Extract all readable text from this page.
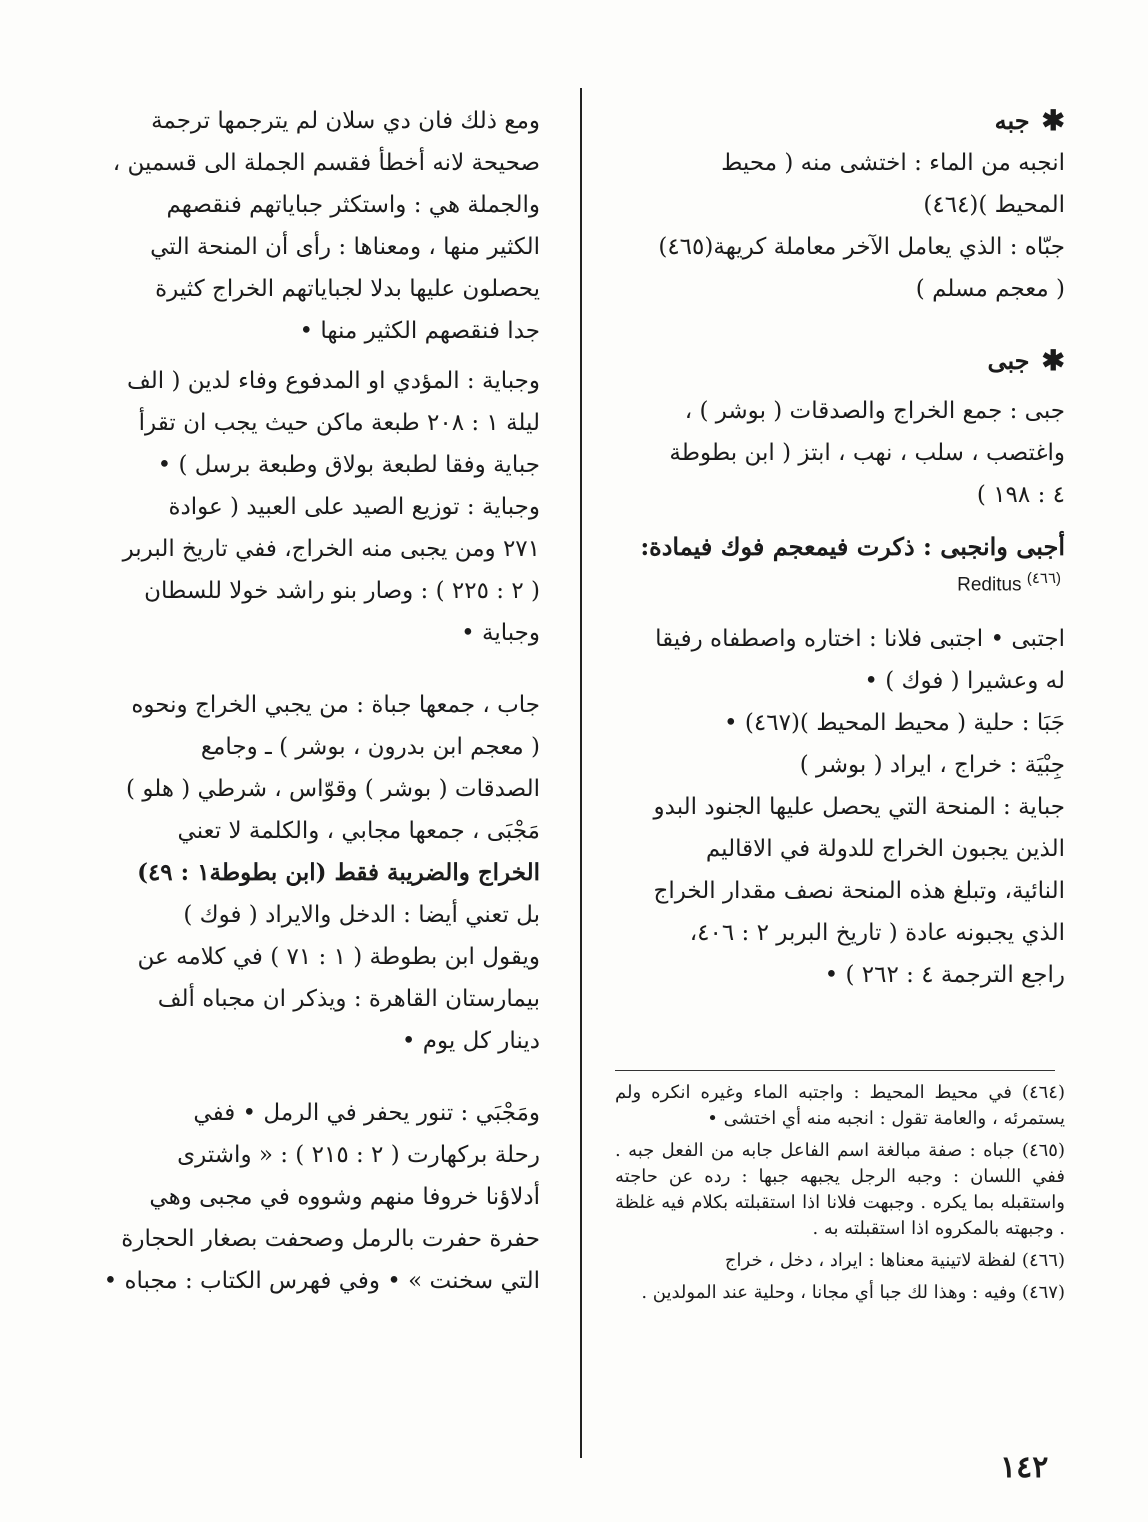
✱
جبه

انجبه من الماء : اختشى منه ( محيط

المحيط )(٤٦٤)

جبّاه : الذي يعامل الآخر معاملة كريهة(٤٦٥)

( معجم مسلم )

✱
جبى

جبى : جمع الخراج والصدقات ( بوشر ) ،

واغتصب ، سلب ، نهب ، ابتز ( ابن بطوطة

٤ : ١٩٨ )

أجبى وانجبى : ذكرت فيمعجم فوك فيمادة:
Reditus $^{(٤٦٦)}$

اجتبى • اجتبى فلانا : اختاره واصطفاه رفيقا

له وعشيرا ( فوك ) •

جَبَا : حلية ( محيط المحيط )(٤٦٧) •

جِبْيَة : خراج ، ايراد ( بوشر )

جباية : المنحة التي يحصل عليها الجنود البدو

الذين يجبون الخراج للدولة في الاقاليم

النائية، وتبلغ هذه المنحة نصف مقدار الخراج

الذي يجبونه عادة ( تاريخ البربر ٢ : ٤٠٦،

راجع الترجمة ٤ : ٢٦٢ ) •

ومع ذلك فان دي سلان لم يترجمها ترجمة

صحيحة لانه أخطأ فقسم الجملة الى قسمين ،

والجملة هي : واستكثر جباياتهم فنقصهم

الكثير منها ، ومعناها : رأى أن المنحة التي

يحصلون عليها بدلا لجباياتهم الخراج كثيرة

جدا فنقصهم الكثير منها •

وجباية : المؤدي او المدفوع وفاء لدين ( الف

ليلة ١ : ٢٠٨ طبعة ماكن حيث يجب ان تقرأ

جباية وفقا لطبعة بولاق وطبعة برسل ) •

وجباية : توزيع الصيد على العبيد ( عوادة

٢٧١ ومن يجبى منه الخراج، ففي تاريخ البربر

( ٢ : ٢٢٥ ) : وصار بنو راشد خولا للسطان

وجباية •

جاب ، جمعها جباة : من يجبي الخراج ونحوه

( معجم ابن بدرون ، بوشر ) ـ وجامع

الصدقات ( بوشر ) وقوّاس ، شرطي ( هلو )

مَجْبَى ، جمعها مجابي ، والكلمة لا تعني

الخراج والضريبة فقط (ابن بطوطة١ : ٤٩)

بل تعني أيضا : الدخل والايراد ( فوك )

ويقول ابن بطوطة ( ١ : ٧١ ) في كلامه عن

بيمارستان القاهرة : ويذكر ان مجباه ألف

دينار كل يوم •

ومَجْبَي : تنور يحفر في الرمل • ففي

رحلة بركهارت ( ٢ : ٢١٥ ) : « واشترى

أدلاؤنا خروفا منهم وشووه في مجبى وهي

حفرة حفرت بالرمل وصحفت بصغار الحجارة

التي سخنت » • وفي فهرس الكتاب : مجباه •

(٤٦٤) في محيط المحيط : واجتبه الماء وغيره انكره ولم يستمرئه ، والعامة تقول : انجبه منه أي اختشى •

(٤٦٥) جباه : صفة مبالغة اسم الفاعل جابه من الفعل جبه . ففي اللسان : وجبه الرجل يجبهه جبها : رده عن حاجته واستقبله بما يكره . وجبهت فلانا اذا استقبلته بكلام فيه غلظة . وجبهته بالمكروه اذا استقبلته به .

(٤٦٦) لفظة لاتينية معناها : ايراد ، دخل ، خراج

(٤٦٧) وفيه : وهذا لك جبا أي مجانا ، وحلية عند المولدين .

١٤٢
